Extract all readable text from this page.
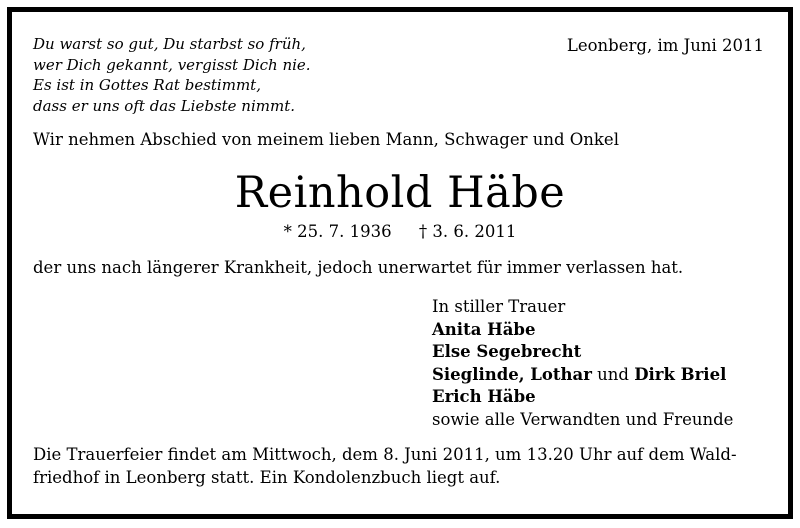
Du warst so gut, Du starbst so früh,
wer Dich gekannt, vergisst Dich nie.
Es ist in Gottes Rat bestimmt,
dass er uns oft das Liebste nimmt.
Leonberg, im Juni 2011
Wir nehmen Abschied von meinem lieben Mann, Schwager und Onkel
Reinhold Häbe
* 25. 7. 1936 † 3. 6. 2011
der uns nach längerer Krankheit, jedoch unerwartet für immer verlassen hat.
In stiller Trauer
Anita Häbe
Else Segebrecht
Sieglinde, Lothar und Dirk Briel
Erich Häbe
sowie alle Verwandten und Freunde
Die Trauerfeier findet am Mittwoch, dem 8. Juni 2011, um 13.20 Uhr auf dem Wald-
friedhof in Leonberg statt. Ein Kondolenzbuch liegt auf.
